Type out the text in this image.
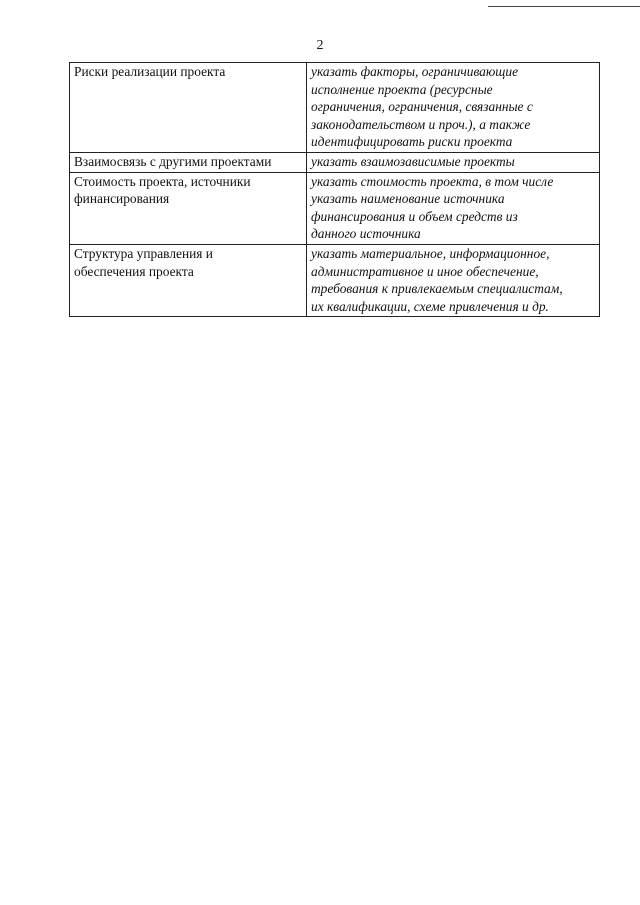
2
Риски реализации проекта	указать факторы, ограничивающие
исполнение проекта (ресурсные
ограничения, ограничения, связанные с
законодательством и проч.), а также
идентифицировать риски проекта

Взаимосвязь с другими проектами	указать взаимозависимые проекты

Стоимость проекта, источники
финансирования	указать стоимость проекта, в том числе
указать наименование источника
финансирования и объем средств из
данного источника

Структура управления и
обеспечения проекта	указать материальное, информационное,
административное и иное обеспечение,
требования к привлекаемым специалистам,
их квалификации, схеме привлечения и др.
